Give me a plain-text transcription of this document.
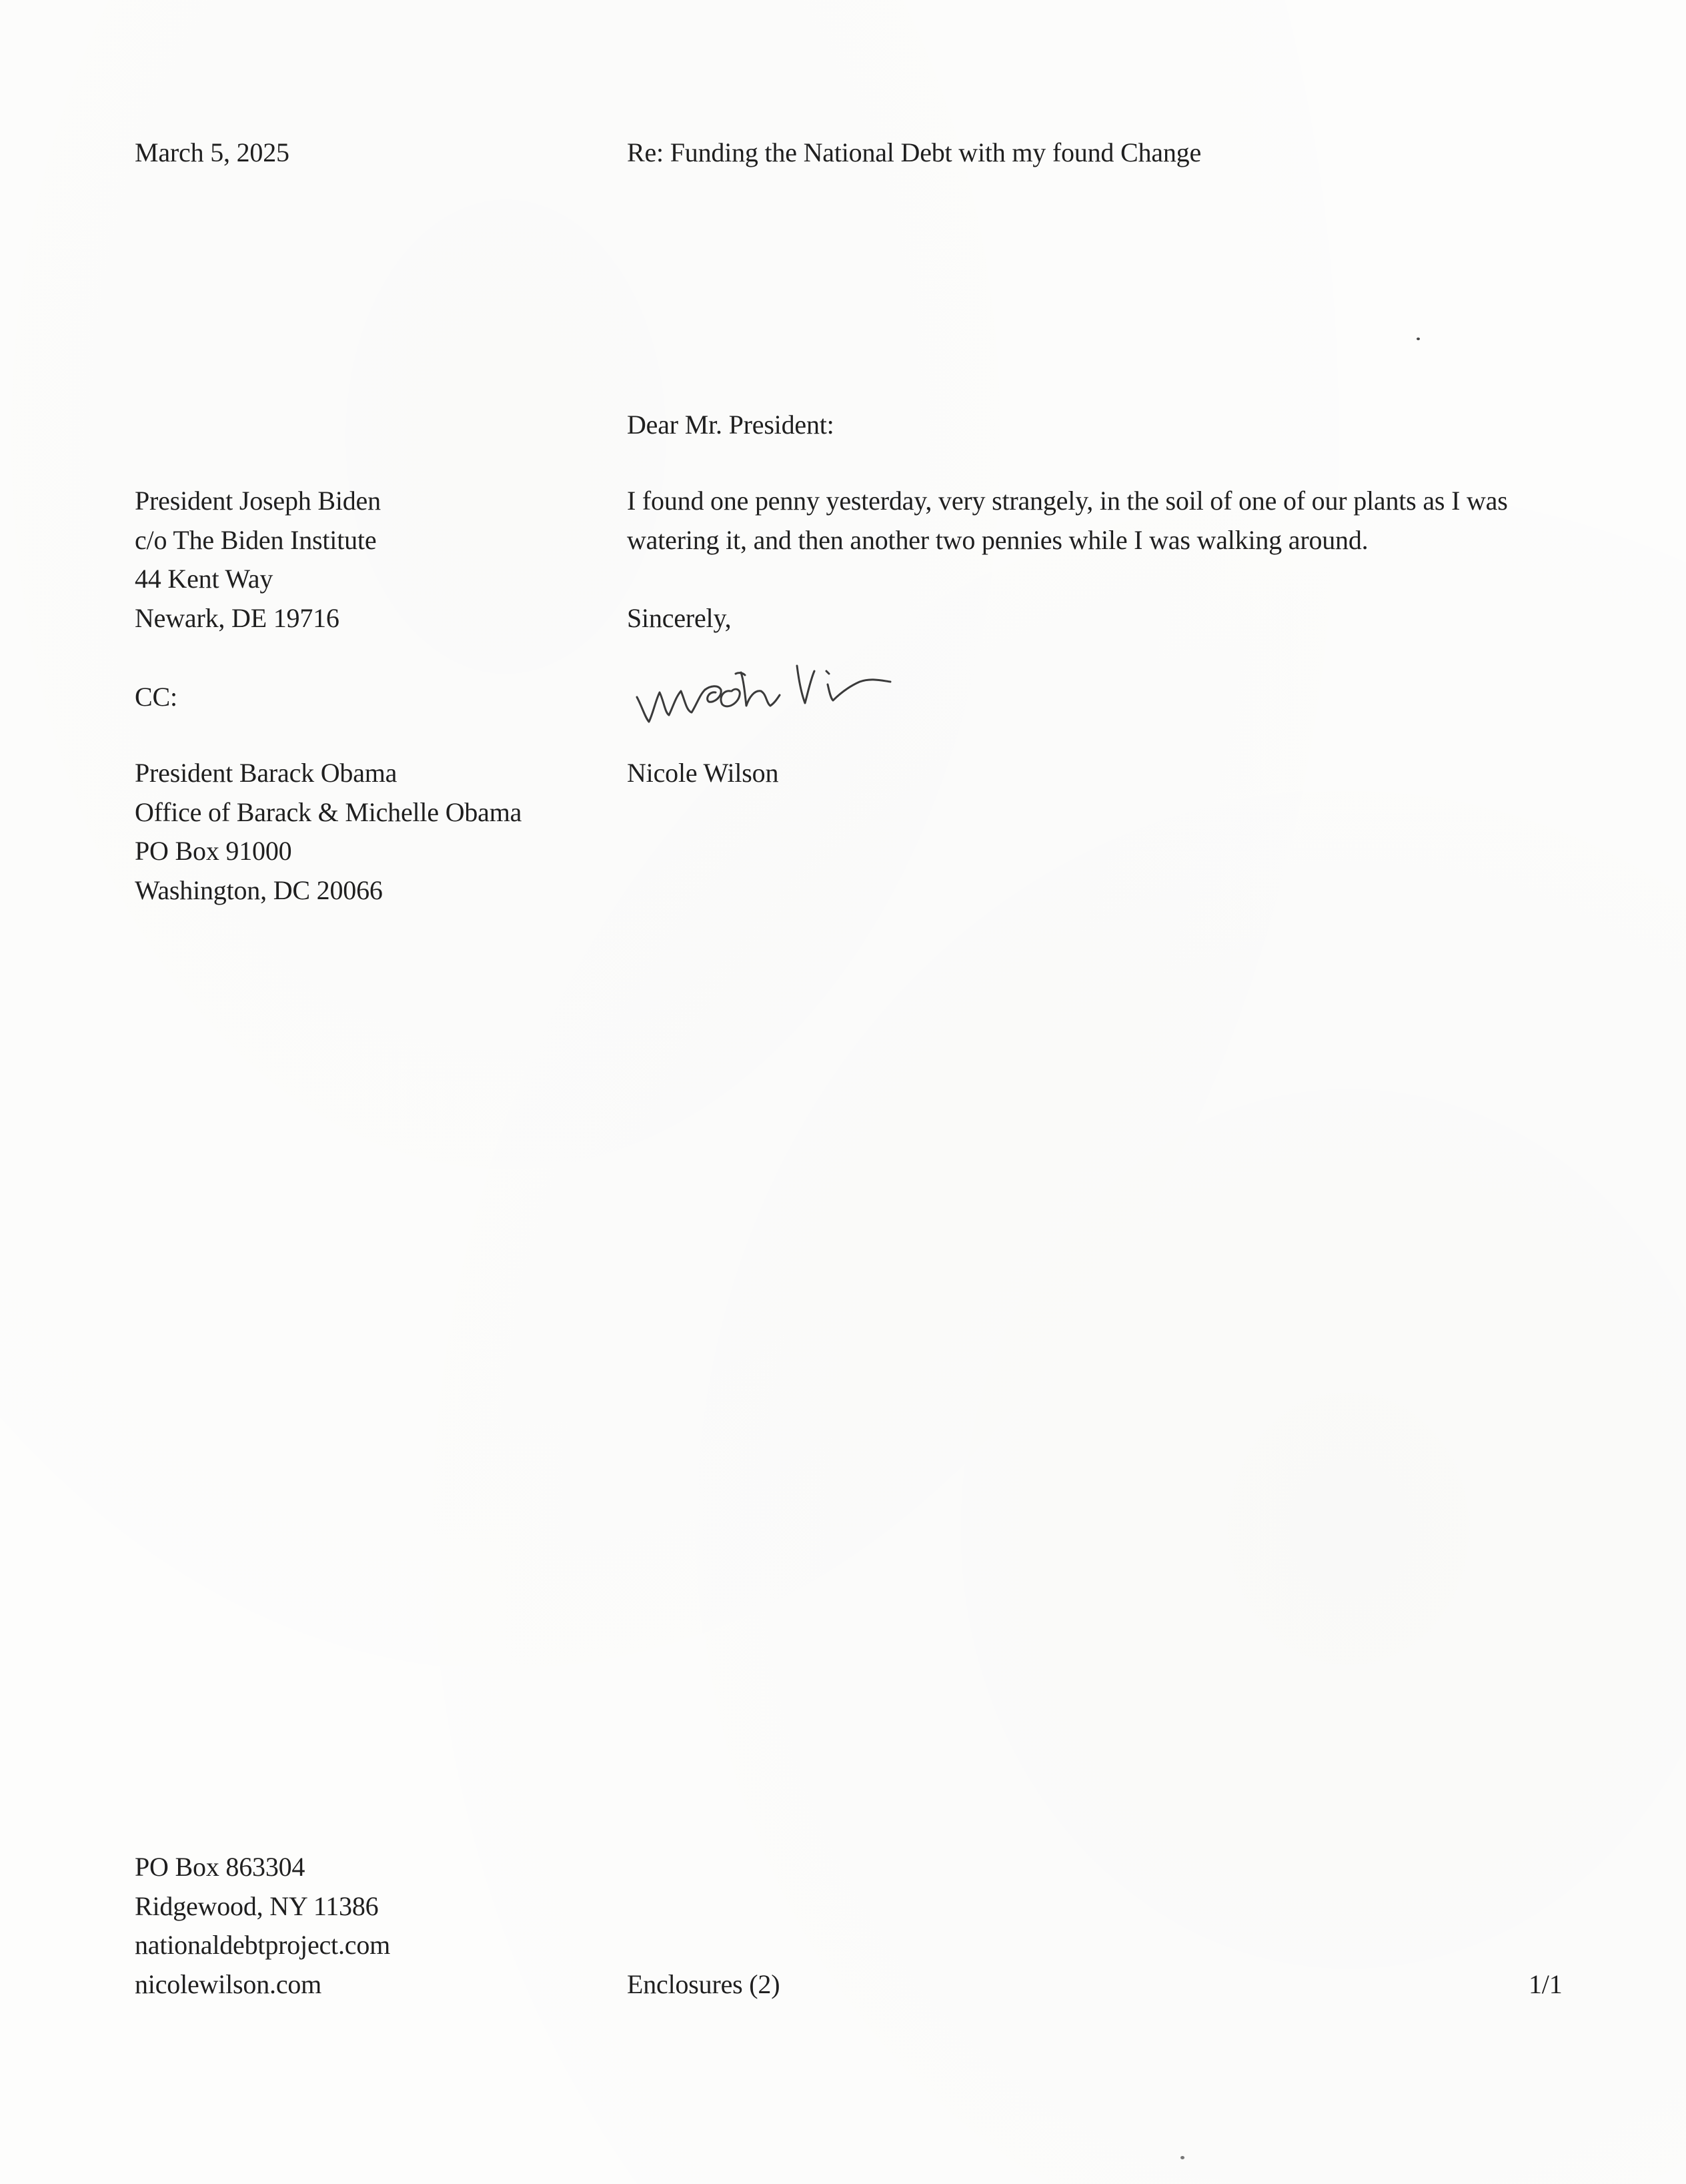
March 5, 2025	Re: Funding the National Debt with my found Change
Dear Mr. President:
I found one penny yesterday, very strangely, in the soil of one of our plants as I was
watering it, and then another two pennies while I was walking around.
Sincerely,
President Joseph Biden
c/o The Biden Institute
44 Kent Way
Newark, DE 19716
CC:
President Barack Obama
Office of Barack & Michelle Obama
PO Box 91000
Washington, DC 20066
Nicole Wilson
PO Box 863304
Ridgewood, NY 11386
nationaldebtproject.com
nicolewilson.com	Enclosures (2)	1/1
